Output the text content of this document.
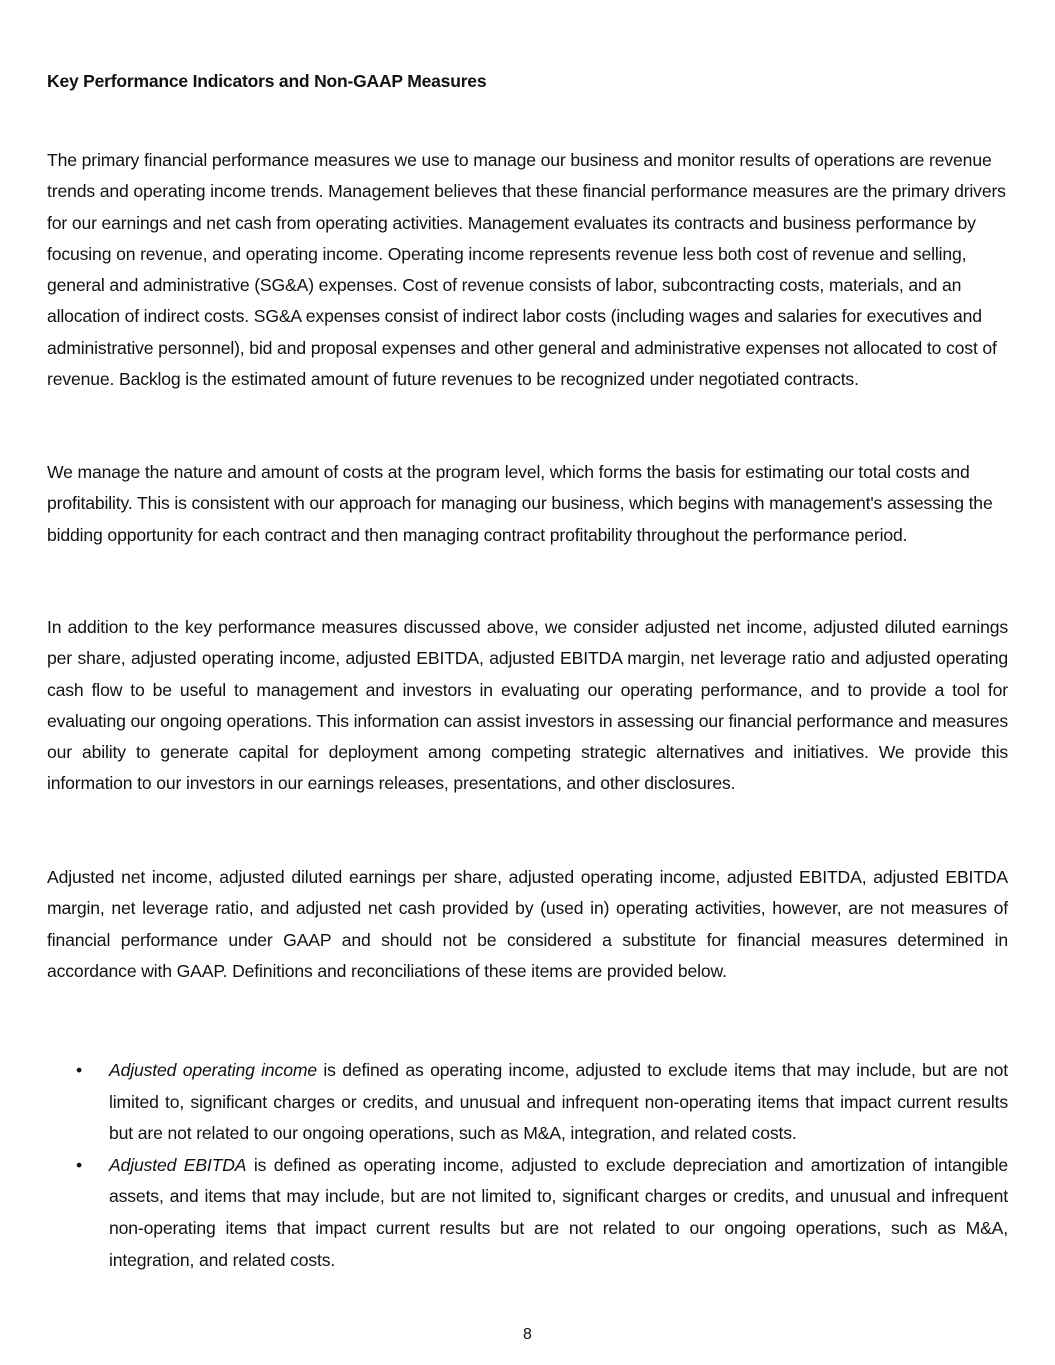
Key Performance Indicators and Non-GAAP Measures

The primary financial performance measures we use to manage our business and monitor results of operations are revenue trends and operating income trends. Management believes that these financial performance measures are the primary drivers for our earnings and net cash from operating activities. Management evaluates its contracts and business performance by focusing on revenue, and operating income. Operating income represents revenue less both cost of revenue and selling, general and administrative (SG&A) expenses. Cost of revenue consists of labor, subcontracting costs, materials, and an allocation of indirect costs. SG&A expenses consist of indirect labor costs (including wages and salaries for executives and administrative personnel), bid and proposal expenses and other general and administrative expenses not allocated to cost of revenue. Backlog is the estimated amount of future revenues to be recognized under negotiated contracts.

We manage the nature and amount of costs at the program level, which forms the basis for estimating our total costs and profitability. This is consistent with our approach for managing our business, which begins with management's assessing the bidding opportunity for each contract and then managing contract profitability throughout the performance period.

In addition to the key performance measures discussed above, we consider adjusted net income, adjusted diluted earnings per share, adjusted operating income, adjusted EBITDA, adjusted EBITDA margin, net leverage ratio and adjusted operating cash flow to be useful to management and investors in evaluating our operating performance, and to provide a tool for evaluating our ongoing operations. This information can assist investors in assessing our financial performance and measures our ability to generate capital for deployment among competing strategic alternatives and initiatives. We provide this information to our investors in our earnings releases, presentations, and other disclosures.

Adjusted net income, adjusted diluted earnings per share, adjusted operating income, adjusted EBITDA, adjusted EBITDA margin, net leverage ratio, and adjusted net cash provided by (used in) operating activities, however, are not measures of financial performance under GAAP and should not be considered a substitute for financial measures determined in accordance with GAAP. Definitions and reconciliations of these items are provided below.

• Adjusted operating income is defined as operating income, adjusted to exclude items that may include, but are not limited to, significant charges or credits, and unusual and infrequent non-operating items that impact current results but are not related to our ongoing operations, such as M&A, integration, and related costs.
• Adjusted EBITDA is defined as operating income, adjusted to exclude depreciation and amortization of intangible assets, and items that may include, but are not limited to, significant charges or credits, and unusual and infrequent non-operating items that impact current results but are not related to our ongoing operations, such as M&A, integration, and related costs.
8
